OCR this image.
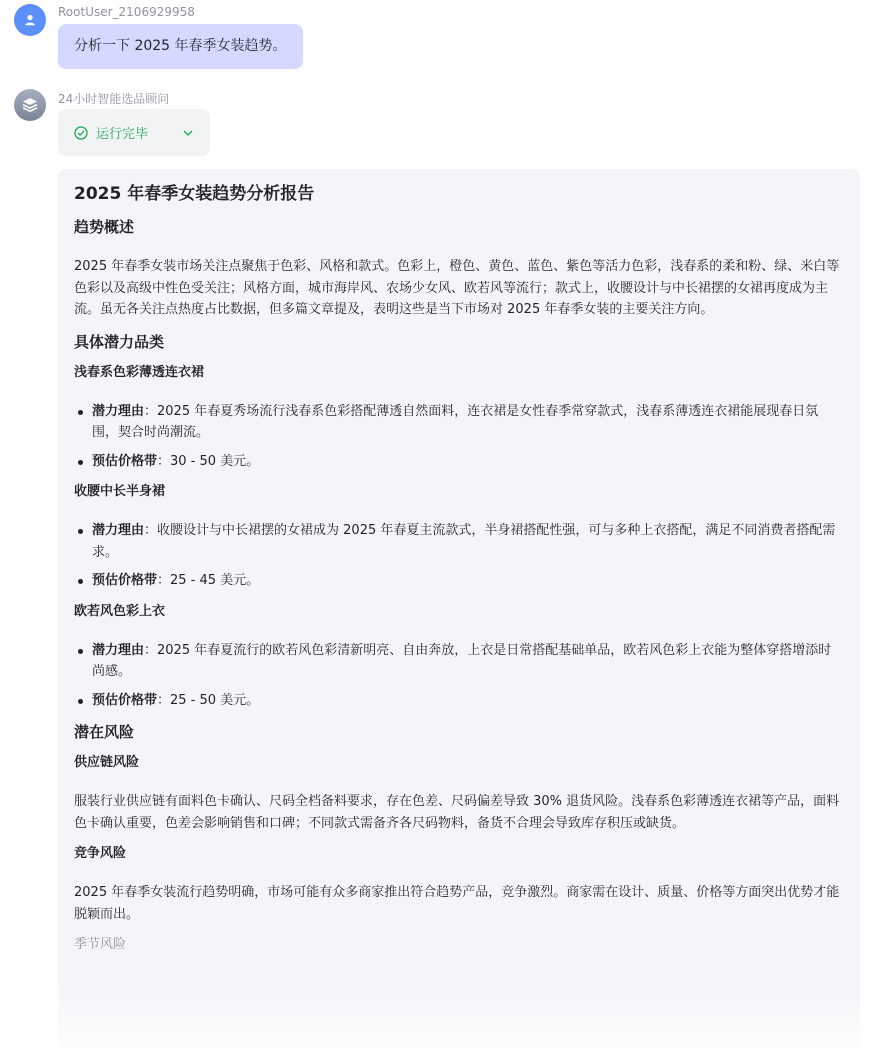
RootUser_2106929958
分析一下 2025 年春季女装趋势。
24小时智能选品顾问
运行完毕
2025 年春季女装趋势分析报告
趋势概述

2025 年春季女装市场关注点聚焦于色彩、风格和款式。色彩上，橙色、黄色、蓝色、紫色等活力色彩，浅春系的柔和粉、绿、米白等色彩以及高级中性色受关注；风格方面，城市海岸风、农场少女风、欧若风等流行；款式上，收腰设计与中长裙摆的女裙再度成为主流。虽无各关注点热度占比数据，但多篇文章提及，表明这些是当下市场对 2025 年春季女装的主要关注方向。

具体潜力品类
浅春系色彩薄透连衣裙
潜力理由：2025 年春夏秀场流行浅春系色彩搭配薄透自然面料，连衣裙是女性春季常穿款式，浅春系薄透连衣裙能展现春日氛围，契合时尚潮流。
预估价格带：30 - 50 美元。
收腰中长半身裙
潜力理由：收腰设计与中长裙摆的女裙成为 2025 年春夏主流款式，半身裙搭配性强，可与多种上衣搭配，满足不同消费者搭配需求。
预估价格带：25 - 45 美元。
欧若风色彩上衣
潜力理由：2025 年春夏流行的欧若风色彩清新明亮、自由奔放，上衣是日常搭配基础单品，欧若风色彩上衣能为整体穿搭增添时尚感。
预估价格带：25 - 50 美元。
潜在风险
供应链风险

服装行业供应链有面料色卡确认、尺码全档备料要求，存在色差、尺码偏差导致 30% 退货风险。浅春系色彩薄透连衣裙等产品，面料色卡确认重要，色差会影响销售和口碑；不同款式需备齐各尺码物料，备货不合理会导致库存积压或缺货。

竞争风险

2025 年春季女装流行趋势明确，市场可能有众多商家推出符合趋势产品，竞争激烈。商家需在设计、质量、价格等方面突出优势才能脱颖而出。

季节风险
